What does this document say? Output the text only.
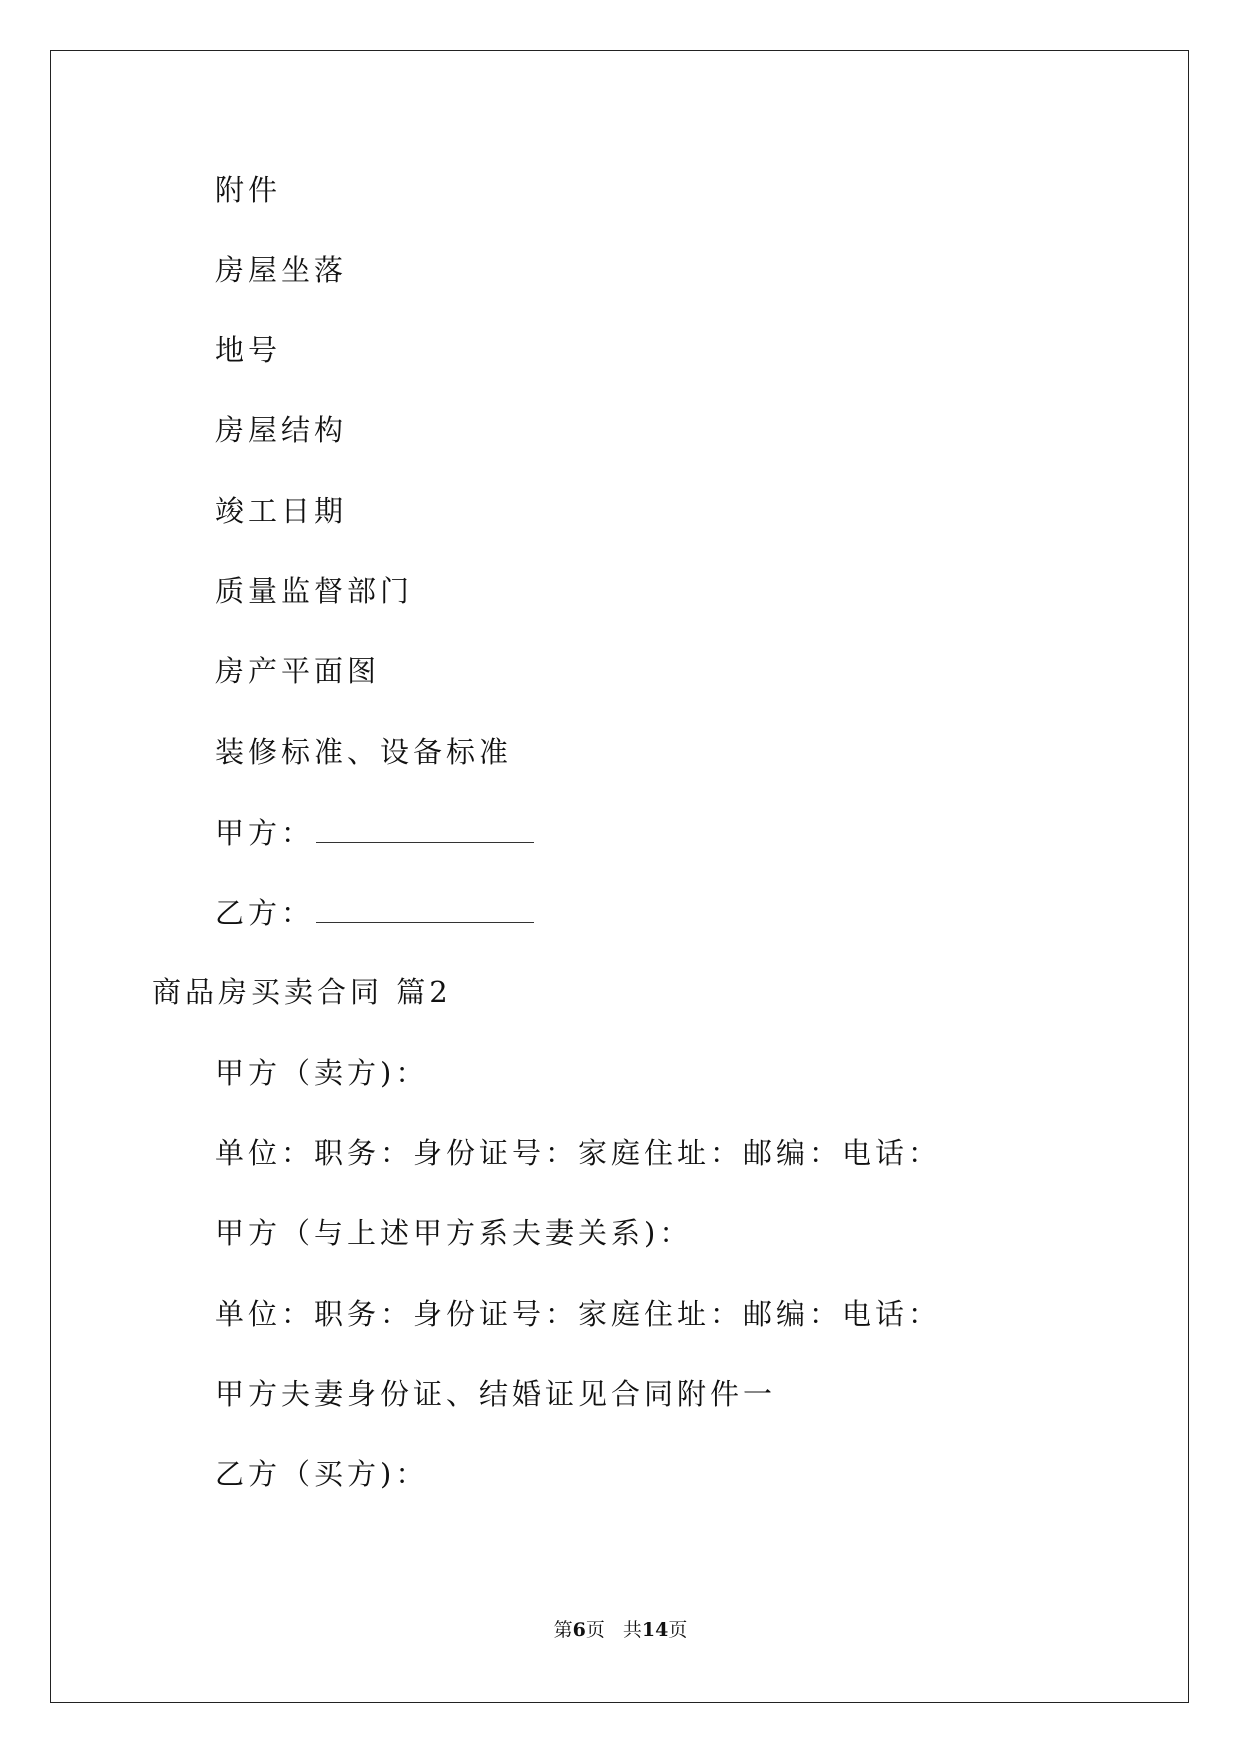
附件
房屋坐落
地号
房屋结构
竣工日期
质量监督部门
房产平面图
装修标准、设备标准
甲方：
乙方：
商品房买卖合同 篇2
甲方（卖方)：
单位：职务：身份证号：家庭住址：邮编：电话：
甲方（与上述甲方系夫妻关系)：
单位：职务：身份证号：家庭住址：邮编：电话：
甲方夫妻身份证、结婚证见合同附件一
乙方（买方)：
第6页 共14页
